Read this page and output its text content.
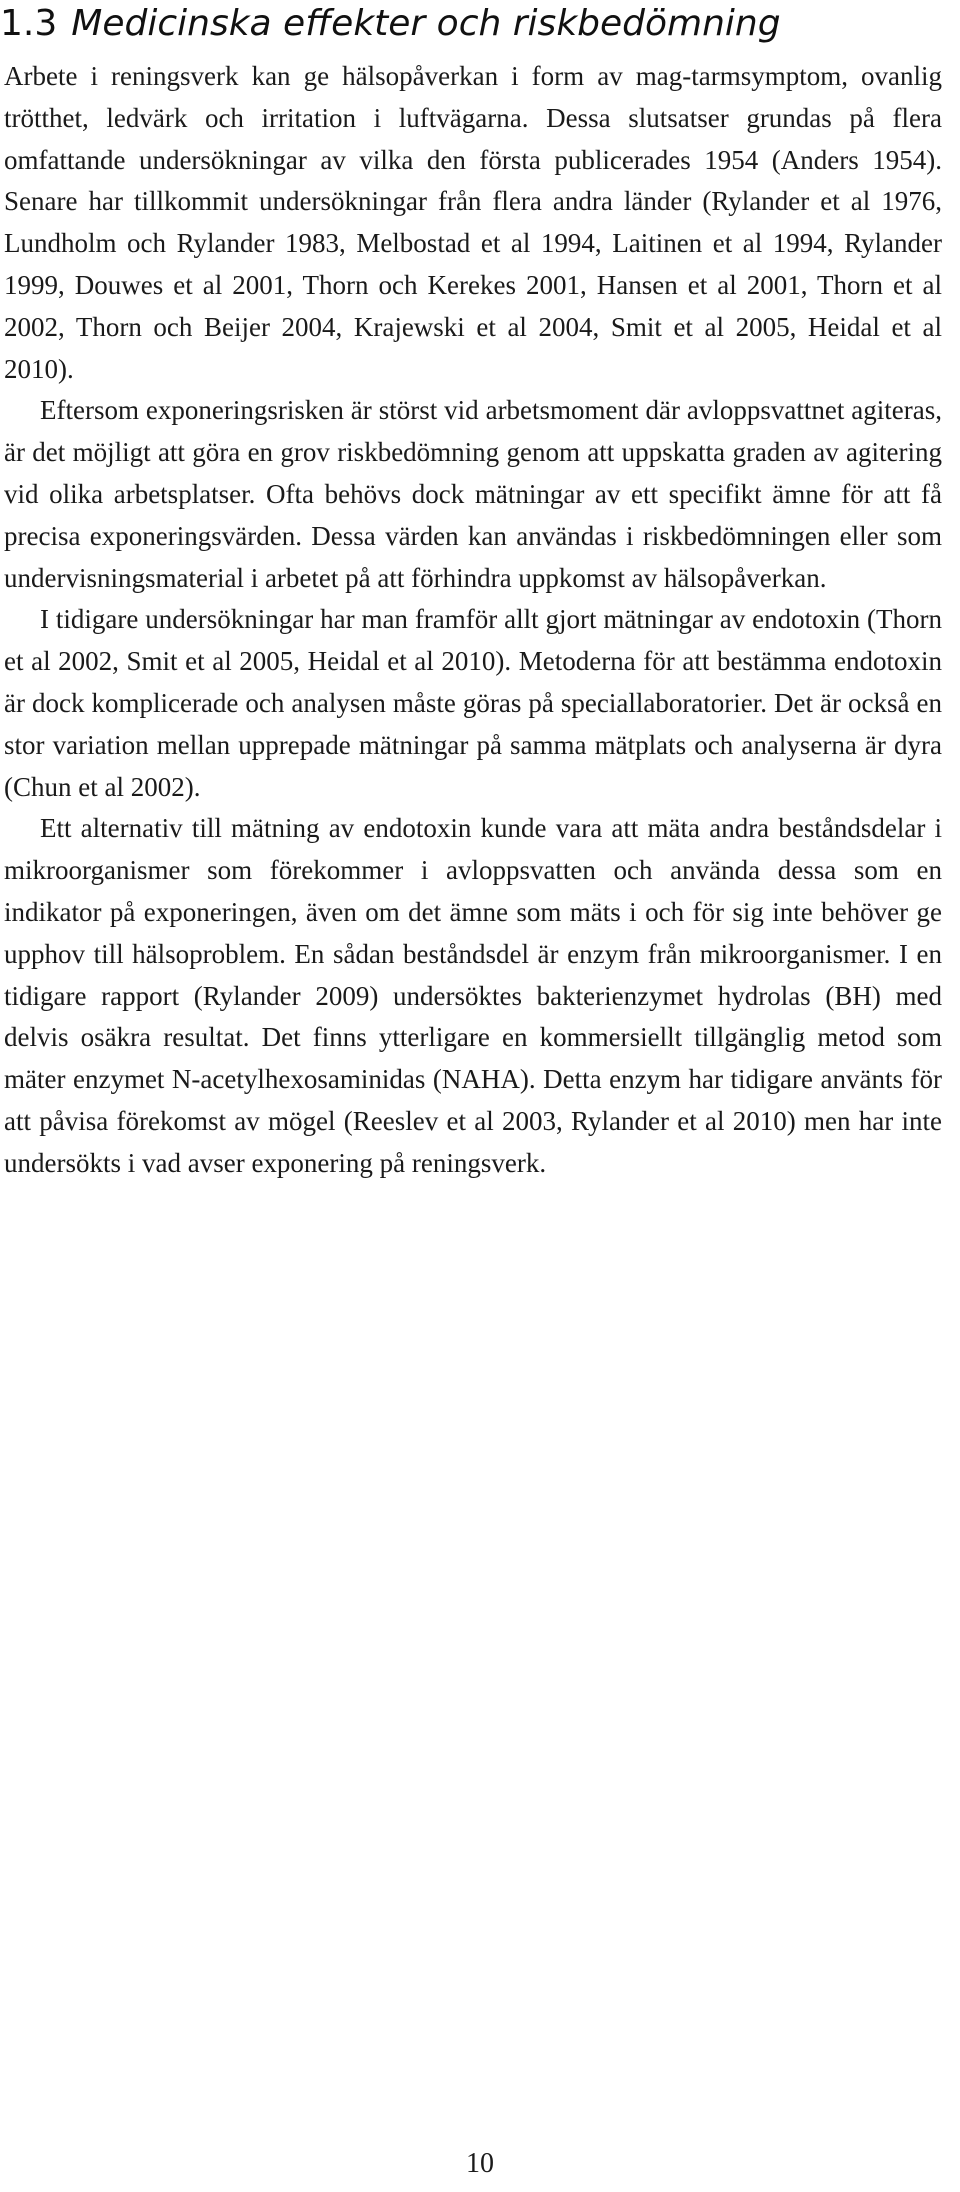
1.3 Medicinska effekter och riskbedömning

Arbete i reningsverk kan ge hälsopåverkan i form av mag-tarmsymptom, ovanlig trötthet, ledvärk och irritation i luftvägarna. Dessa slutsatser grundas på flera omfattande undersökningar av vilka den första publicerades 1954 (Anders 1954). Senare har tillkommit undersökningar från flera andra länder (Rylander et al 1976, Lundholm och Rylander 1983, Melbostad et al 1994, Laitinen et al 1994, Rylander 1999, Douwes et al 2001, Thorn och Kerekes 2001, Hansen et al 2001, Thorn et al 2002, Thorn och Beijer 2004, Krajewski et al 2004, Smit et al 2005, Heidal et al 2010).

Eftersom exponeringsrisken är störst vid arbetsmoment där avloppsvattnet agiteras, är det möjligt att göra en grov riskbedömning genom att uppskatta graden av agitering vid olika arbetsplatser. Ofta behövs dock mätningar av ett specifikt ämne för att få precisa exponeringsvärden. Dessa värden kan användas i riskbedömningen eller som undervisningsmaterial i arbetet på att förhindra uppkomst av hälsopåverkan.

I tidigare undersökningar har man framför allt gjort mätningar av endotoxin (Thorn et al 2002, Smit et al 2005, Heidal et al 2010). Metoderna för att bestämma endotoxin är dock komplicerade och analysen måste göras på speciallaboratorier. Det är också en stor variation mellan upprepade mätningar på samma mätplats och analyserna är dyra (Chun et al 2002).

Ett alternativ till mätning av endotoxin kunde vara att mäta andra beståndsdelar i mikroorganismer som förekommer i avloppsvatten och använda dessa som en indikator på exponeringen, även om det ämne som mäts i och för sig inte behöver ge upphov till hälsoproblem. En sådan beståndsdel är enzym från mikroorganismer. I en tidigare rapport (Rylander 2009) undersöktes bakterienzymet hydrolas (BH) med delvis osäkra resultat. Det finns ytterligare en kommersiellt tillgänglig metod som mäter enzymet N-acetylhexosaminidas (NAHA). Detta enzym har tidigare använts för att påvisa förekomst av mögel (Reeslev et al 2003, Rylander et al 2010) men har inte undersökts i vad avser exponering på reningsverk.

10
